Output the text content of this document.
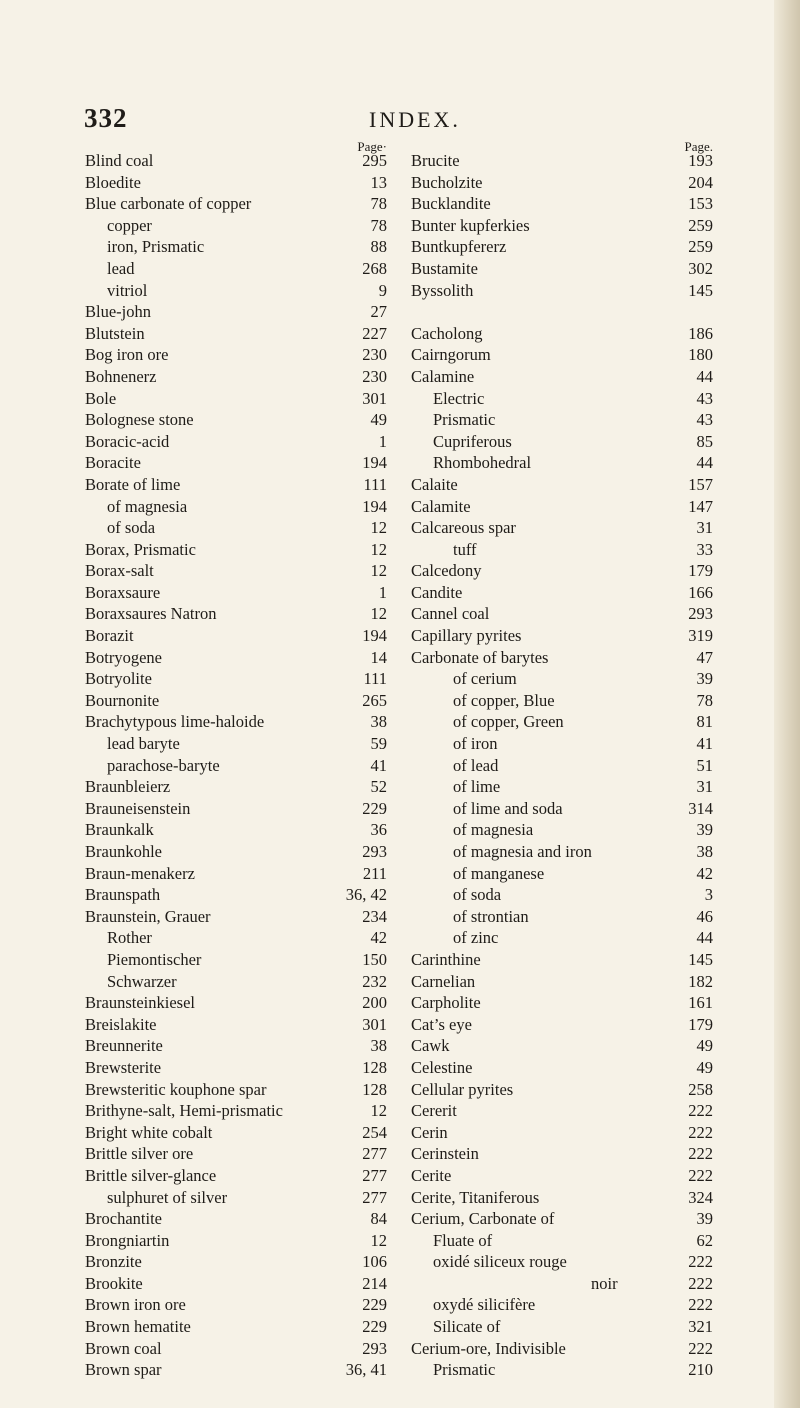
332	INDEX.
Page·
Blind coal	295
Bloedite	13
Blue carbonate of copper	78
copper	78
iron, Prismatic	88
lead	268
vitriol	9
Blue-john	27
Blutstein	227
Bog iron ore	230
Bohnenerz	230
Bole	301
Bolognese stone	49
Boracic-acid	1
Boracite	194
Borate of lime	111
of magnesia	194
of soda	12
Borax, Prismatic	12
Borax-salt	12
Boraxsaure	1
Boraxsaures Natron	12
Borazit	194
Botryogene	14
Botryolite	111
Bournonite	265
Brachytypous lime-haloide	38
lead baryte	59
parachose-baryte	41
Braunbleierz	52
Brauneisenstein	229
Braunkalk	36
Braunkohle	293
Braun-menakerz	211
Braunspath	36, 42
Braunstein, Grauer	234
Rother	42
Piemontischer	150
Schwarzer	232
Braunsteinkiesel	200
Breislakite	301
Breunnerite	38
Brewsterite	128
Brewsteritic kouphone spar	128
Brithyne-salt, Hemi-prismatic	12
Bright white cobalt	254
Brittle silver ore	277
Brittle silver-glance	277
sulphuret of silver	277
Brochantite	84
Brongniartin	12
Bronzite	106
Brookite	214
Brown iron ore	229
Brown hematite	229
Brown coal	293
Brown spar	36, 41
Page.
Brucite	193
Bucholzite	204
Bucklandite	153
Bunter kupferkies	259
Buntkupfererz	259
Bustamite	302
Byssolith	145
Cacholong	186
Cairngorum	180
Calamine	44
Electric	43
Prismatic	43
Cupriferous	85
Rhombohedral	44
Calaite	157
Calamite	147
Calcareous spar	31
tuff	33
Calcedony	179
Candite	166
Cannel coal	293
Capillary pyrites	319
Carbonate of barytes	47
of cerium	39
of copper, Blue	78
of copper, Green	81
of iron	41
of lead	51
of lime	31
of lime and soda	314
of magnesia	39
of magnesia and iron	38
of manganese	42
of soda	3
of strontian	46
of zinc	44
Carinthine	145
Carnelian	182
Carpholite	161
Cat’s eye	179
Cawk	49
Celestine	49
Cellular pyrites	258
Cererit	222
Cerin	222
Cerinstein	222
Cerite	222
Cerite, Titaniferous	324
Cerium, Carbonate of	39
Fluate of	62
oxidé siliceux rouge	222
noir	222
oxydé silicifère	222
Silicate of	321
Cerium-ore, Indivisible	222
Prismatic	210
